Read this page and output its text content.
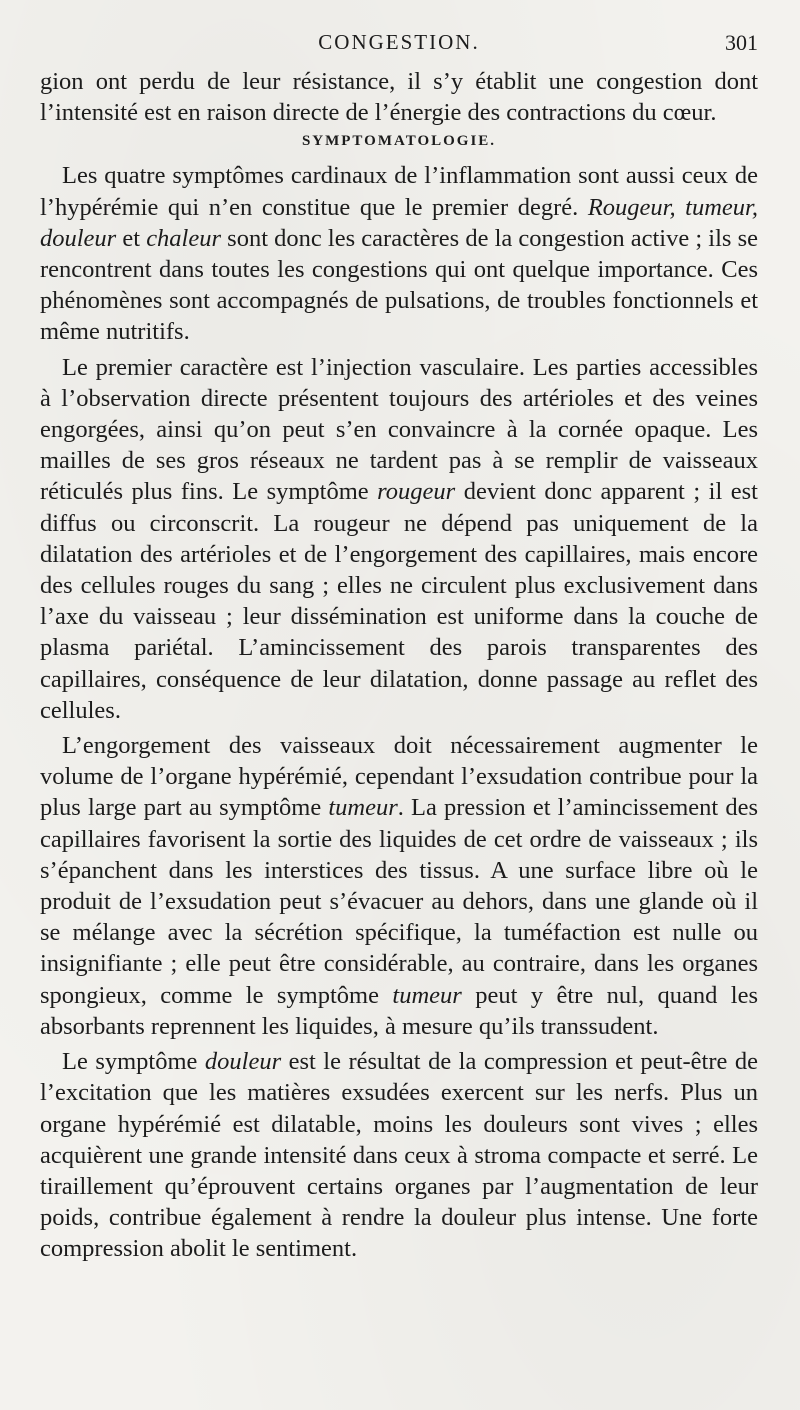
CONGESTION.	301

gion ont perdu de leur résistance, il s’y établit une congestion dont l’intensité est en raison directe de l’énergie des contractions du cœur.

SYMPTOMATOLOGIE.

Les quatre symptômes cardinaux de l’inflammation sont aussi ceux de l’hypérémie qui n’en constitue que le premier degré. Rougeur, tumeur, douleur et chaleur sont donc les caractères de la congestion active ; ils se rencontrent dans toutes les congestions qui ont quelque importance. Ces phénomènes sont accompagnés de pulsations, de troubles fonctionnels et même nutritifs.

Le premier caractère est l’injection vasculaire. Les parties accessibles à l’observation directe présentent toujours des artérioles et des veines engorgées, ainsi qu’on peut s’en convaincre à la cornée opaque. Les mailles de ses gros réseaux ne tardent pas à se remplir de vaisseaux réticulés plus fins. Le symptôme rougeur devient donc apparent ; il est diffus ou circonscrit. La rougeur ne dépend pas uniquement de la dilatation des artérioles et de l’engorgement des capillaires, mais encore des cellules rouges du sang ; elles ne circulent plus exclusivement dans l’axe du vaisseau ; leur dissémination est uniforme dans la couche de plasma pariétal. L’amincissement des parois transparentes des capillaires, conséquence de leur dilatation, donne passage au reflet des cellules.

L’engorgement des vaisseaux doit nécessairement augmenter le volume de l’organe hypérémié, cependant l’exsudation contribue pour la plus large part au symptôme tumeur. La pression et l’amincissement des capillaires favorisent la sortie des liquides de cet ordre de vaisseaux ; ils s’épanchent dans les interstices des tissus. A une surface libre où le produit de l’exsudation peut s’évacuer au dehors, dans une glande où il se mélange avec la sécrétion spécifique, la tuméfaction est nulle ou insignifiante ; elle peut être considérable, au contraire, dans les organes spongieux, comme le symptôme tumeur peut y être nul, quand les absorbants reprennent les liquides, à mesure qu’ils transsudent.

Le symptôme douleur est le résultat de la compression et peut-être de l’excitation que les matières exsudées exercent sur les nerfs. Plus un organe hypérémié est dilatable, moins les douleurs sont vives ; elles acquièrent une grande intensité dans ceux à stroma compacte et serré. Le tiraillement qu’éprouvent certains organes par l’augmentation de leur poids, contribue également à rendre la douleur plus intense. Une forte compression abolit le sentiment.
